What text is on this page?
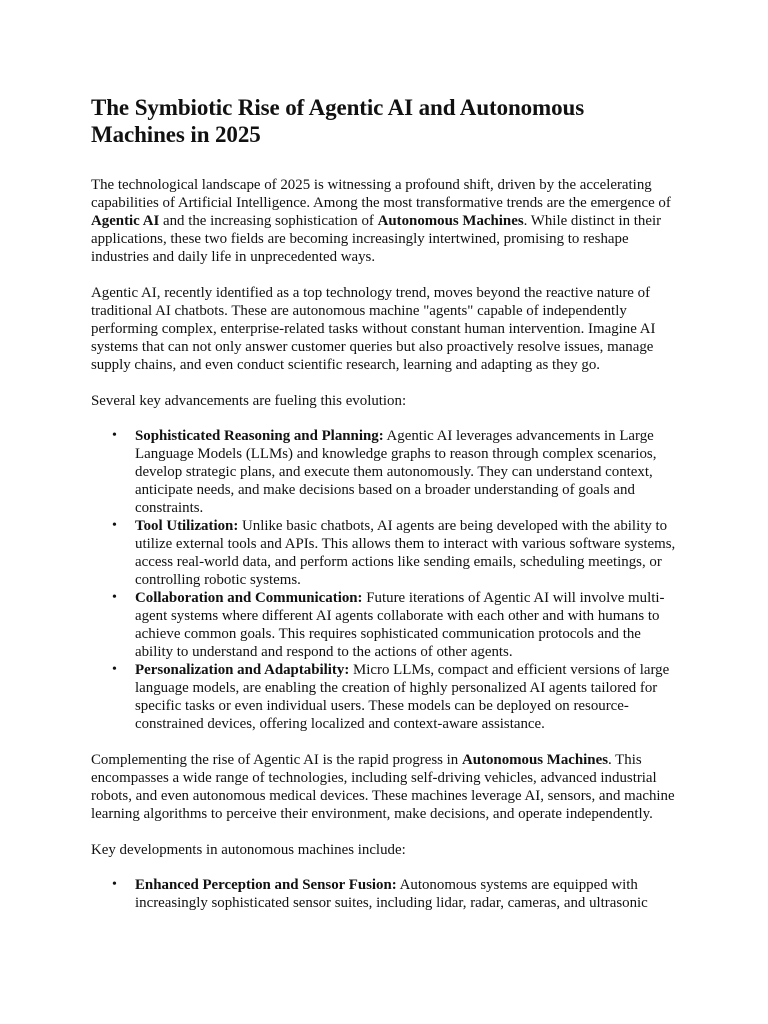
The Symbiotic Rise of Agentic AI and Autonomous Machines in 2025

The technological landscape of 2025 is witnessing a profound shift, driven by the accelerating capabilities of Artificial Intelligence. Among the most transformative trends are the emergence of Agentic AI and the increasing sophistication of Autonomous Machines. While distinct in their applications, these two fields are becoming increasingly intertwined, promising to reshape industries and daily life in unprecedented ways.

Agentic AI, recently identified as a top technology trend, moves beyond the reactive nature of traditional AI chatbots. These are autonomous machine "agents" capable of independently performing complex, enterprise-related tasks without constant human intervention. Imagine AI systems that can not only answer customer queries but also proactively resolve issues, manage supply chains, and even conduct scientific research, learning and adapting as they go.

Several key advancements are fueling this evolution:

• Sophisticated Reasoning and Planning: Agentic AI leverages advancements in Large Language Models (LLMs) and knowledge graphs to reason through complex scenarios, develop strategic plans, and execute them autonomously. They can understand context, anticipate needs, and make decisions based on a broader understanding of goals and constraints.
• Tool Utilization: Unlike basic chatbots, AI agents are being developed with the ability to utilize external tools and APIs. This allows them to interact with various software systems, access real-world data, and perform actions like sending emails, scheduling meetings, or controlling robotic systems.
• Collaboration and Communication: Future iterations of Agentic AI will involve multi-agent systems where different AI agents collaborate with each other and with humans to achieve common goals. This requires sophisticated communication protocols and the ability to understand and respond to the actions of other agents.
• Personalization and Adaptability: Micro LLMs, compact and efficient versions of large language models, are enabling the creation of highly personalized AI agents tailored for specific tasks or even individual users. These models can be deployed on resource-constrained devices, offering localized and context-aware assistance.

Complementing the rise of Agentic AI is the rapid progress in Autonomous Machines. This encompasses a wide range of technologies, including self-driving vehicles, advanced industrial robots, and even autonomous medical devices. These machines leverage AI, sensors, and machine learning algorithms to perceive their environment, make decisions, and operate independently.

Key developments in autonomous machines include:

• Enhanced Perception and Sensor Fusion: Autonomous systems are equipped with increasingly sophisticated sensor suites, including lidar, radar, cameras, and ultrasonic
